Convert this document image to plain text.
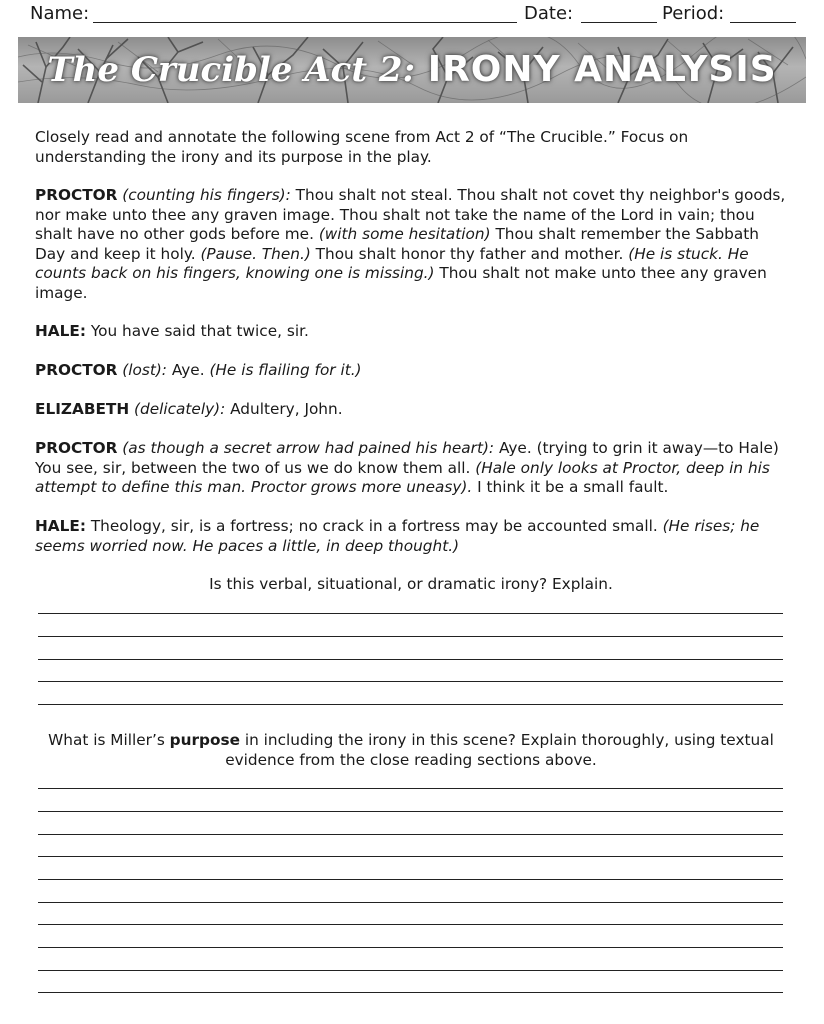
Name:	Date:	Period:
The Crucible Act 2: IRONY ANALYSIS

Closely read and annotate the following scene from Act 2 of “The Crucible.” Focus on understanding the irony and its purpose in the play.

PROCTOR (counting his fingers): Thou shalt not steal. Thou shalt not covet thy neighbor's goods, nor make unto thee any graven image. Thou shalt not take the name of the Lord in vain; thou shalt have no other gods before me. (with some hesitation) Thou shalt remember the Sabbath Day and keep it holy. (Pause. Then.) Thou shalt honor thy father and mother. (He is stuck. He counts back on his fingers, knowing one is missing.) Thou shalt not make unto thee any graven image.

HALE: You have said that twice, sir.

PROCTOR (lost): Aye. (He is flailing for it.)

ELIZABETH (delicately): Adultery, John.

PROCTOR (as though a secret arrow had pained his heart): Aye. (trying to grin it away—to Hale) You see, sir, between the two of us we do know them all. (Hale only looks at Proctor, deep in his attempt to define this man. Proctor grows more uneasy). I think it be a small fault.

HALE: Theology, sir, is a fortress; no crack in a fortress may be accounted small. (He rises; he seems worried now. He paces a little, in deep thought.)

Is this verbal, situational, or dramatic irony? Explain.

What is Miller’s purpose in including the irony in this scene? Explain thoroughly, using textual evidence from the close reading sections above.
